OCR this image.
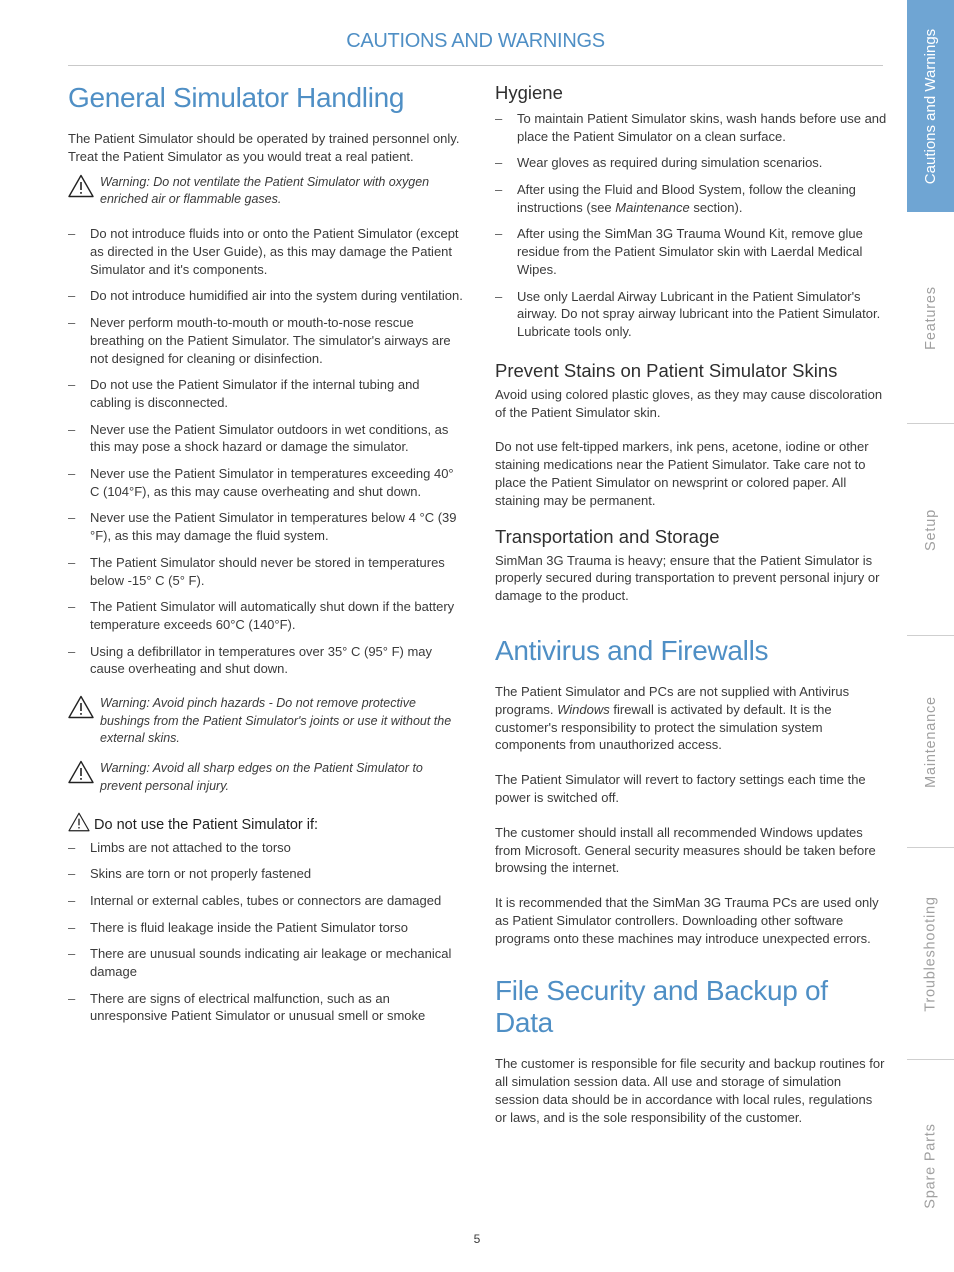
CAUTIONS AND WARNINGS
General Simulator Handling

The Patient Simulator should be operated by trained personnel only. Treat the Patient Simulator as you would treat a real patient.

Warning: Do not ventilate the Patient Simulator with oxygen enriched air or flammable gases.
– Do not introduce fluids into or onto the Patient Simulator (except as directed in the User Guide), as this may damage the Patient Simulator and it's components.
– Do not introduce humidified air into the system during ventilation.
– Never perform mouth-to-mouth or mouth-to-nose rescue breathing on the Patient Simulator. The simulator's airways are not designed for cleaning or disinfection.
– Do not use the Patient Simulator if the internal tubing and cabling is disconnected.
– Never use the Patient Simulator outdoors in wet conditions, as this may pose a shock hazard or damage the simulator.
– Never use the Patient Simulator in temperatures exceeding 40° C (104°F), as this may cause overheating and shut down.
– Never use the Patient Simulator in temperatures below 4 °C (39 °F), as this may damage the fluid system.
– The Patient Simulator should never be stored in temperatures below -15° C (5° F).
– The Patient Simulator will automatically shut down if the battery temperature exceeds 60°C (140°F).
– Using a defibrillator in temperatures over 35° C (95° F) may cause overheating and shut down.
Warning: Avoid pinch hazards - Do not remove protective bushings from the Patient Simulator's joints or use it without the external skins.
Warning: Avoid all sharp edges on the Patient Simulator to prevent personal injury.
Do not use the Patient Simulator if:
– Limbs are not attached to the torso
– Skins are torn or not properly fastened
– Internal or external cables, tubes or connectors are damaged
– There is fluid leakage inside the Patient Simulator torso
– There are unusual sounds indicating air leakage or mechanical damage
– There are signs of electrical malfunction, such as an unresponsive Patient Simulator or unusual smell or smoke
Hygiene
– To maintain Patient Simulator skins, wash hands before use and place the Patient Simulator on a clean surface.
– Wear gloves as required during simulation scenarios.
– After using the Fluid and Blood System, follow the cleaning instructions (see Maintenance section).
– After using the SimMan 3G Trauma Wound Kit, remove glue residue from the Patient Simulator skin with Laerdal Medical Wipes.
– Use only Laerdal Airway Lubricant in the Patient Simulator's airway. Do not spray airway lubricant into the Patient Simulator. Lubricate tools only.
Prevent Stains on Patient Simulator Skins

Avoid using colored plastic gloves, as they may cause discoloration of the Patient Simulator skin.

Do not use felt-tipped markers, ink pens, acetone, iodine or other staining medications near the Patient Simulator. Take care not to place the Patient Simulator on newsprint or colored paper. All staining may be permanent.

Transportation and Storage

SimMan 3G Trauma is heavy; ensure that the Patient Simulator is properly secured during transportation to prevent personal injury or damage to the product.

Antivirus and Firewalls

The Patient Simulator and PCs are not supplied with Antivirus programs. Windows firewall is activated by default. It is the customer's responsibility to protect the simulation system components from unauthorized access.

The Patient Simulator will revert to factory settings each time the power is switched off.

The customer should install all recommended Windows updates from Microsoft. General security measures should be taken before browsing the internet.

It is recommended that the SimMan 3G Trauma PCs are used only as Patient Simulator controllers. Downloading other software programs onto these machines may introduce unexpected errors.

File Security and Backup of Data

The customer is responsible for file security and backup routines for all simulation session data. All use and storage of simulation session data should be in accordance with local rules, regulations or laws, and is the sole responsibility of the customer.

5
Cautions and Warnings
Features
Setup
Maintenance
Troubleshooting
Spare Parts
